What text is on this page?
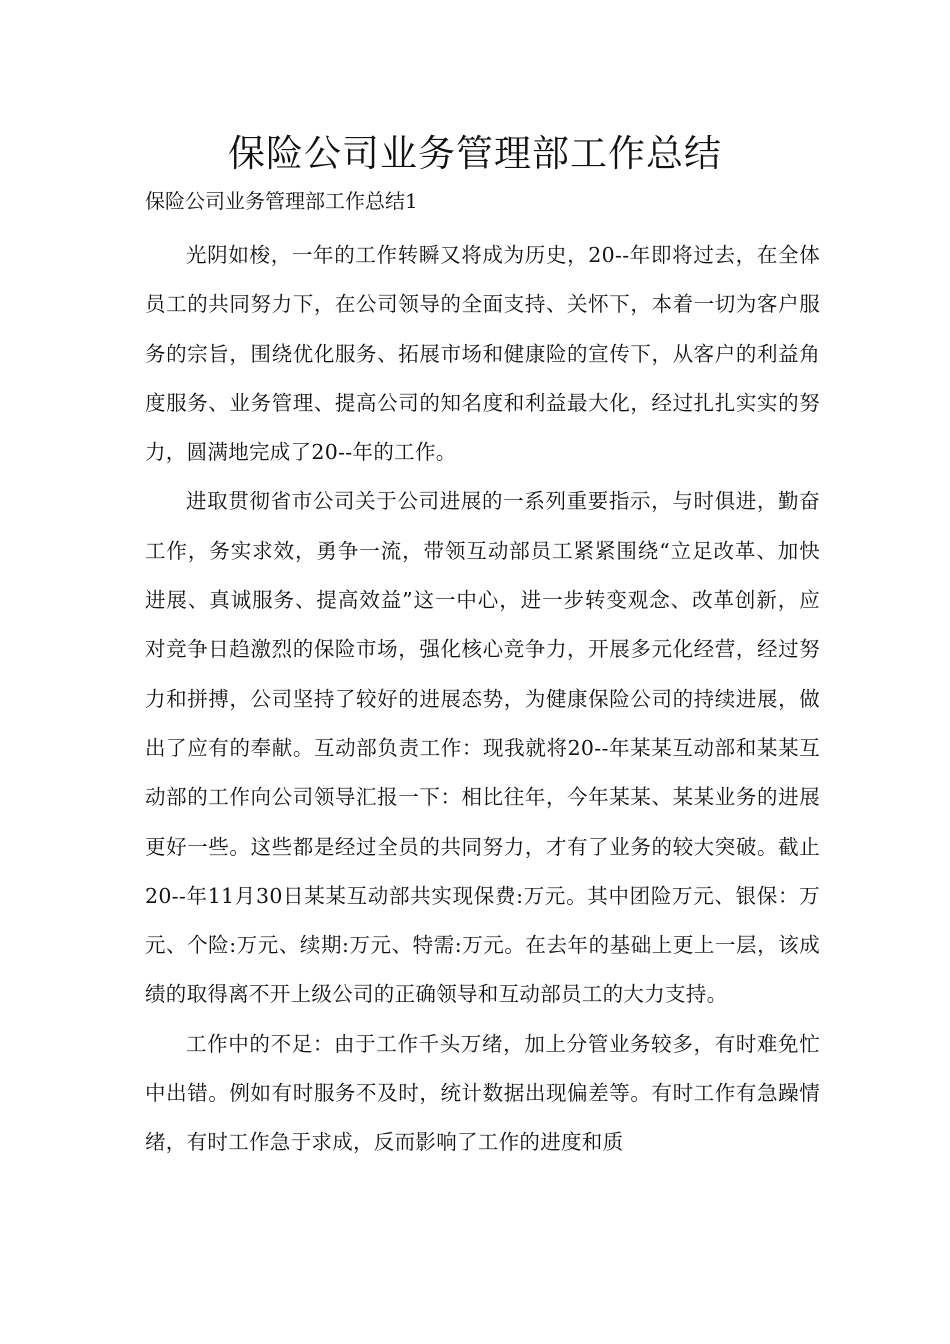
保险公司业务管理部工作总结

保险公司业务管理部工作总结1

光阴如梭，一年的工作转瞬又将成为历史，20--年即将过去，在全体员工的共同努力下，在公司领导的全面支持、关怀下，本着一切为客户服务的宗旨，围绕优化服务、拓展市场和健康险的宣传下，从客户的利益角度服务、业务管理、提高公司的知名度和利益最大化，经过扎扎实实的努力，圆满地完成了20--年的工作。

进取贯彻省市公司关于公司进展的一系列重要指示，与时俱进，勤奋工作，务实求效，勇争一流，带领互动部员工紧紧围绕“立足改革、加快进展、真诚服务、提高效益”这一中心，进一步转变观念、改革创新，应对竞争日趋激烈的保险市场，强化核心竞争力，开展多元化经营，经过努力和拼搏，公司坚持了较好的进展态势，为健康保险公司的持续进展，做出了应有的奉献。互动部负责工作：现我就将20--年某某互动部和某某互动部的工作向公司领导汇报一下：相比往年，今年某某、某某业务的进展更好一些。这些都是经过全员的共同努力，才有了业务的较大突破。截止20--年11月30日某某互动部共实现保费:万元。其中团险万元、银保：万元、个险:万元、续期:万元、特需:万元。在去年的基础上更上一层，该成绩的取得离不开上级公司的正确领导和互动部员工的大力支持。

工作中的不足：由于工作千头万绪，加上分管业务较多，有时难免忙中出错。例如有时服务不及时，统计数据出现偏差等。有时工作有急躁情绪，有时工作急于求成，反而影响了工作的进度和质
